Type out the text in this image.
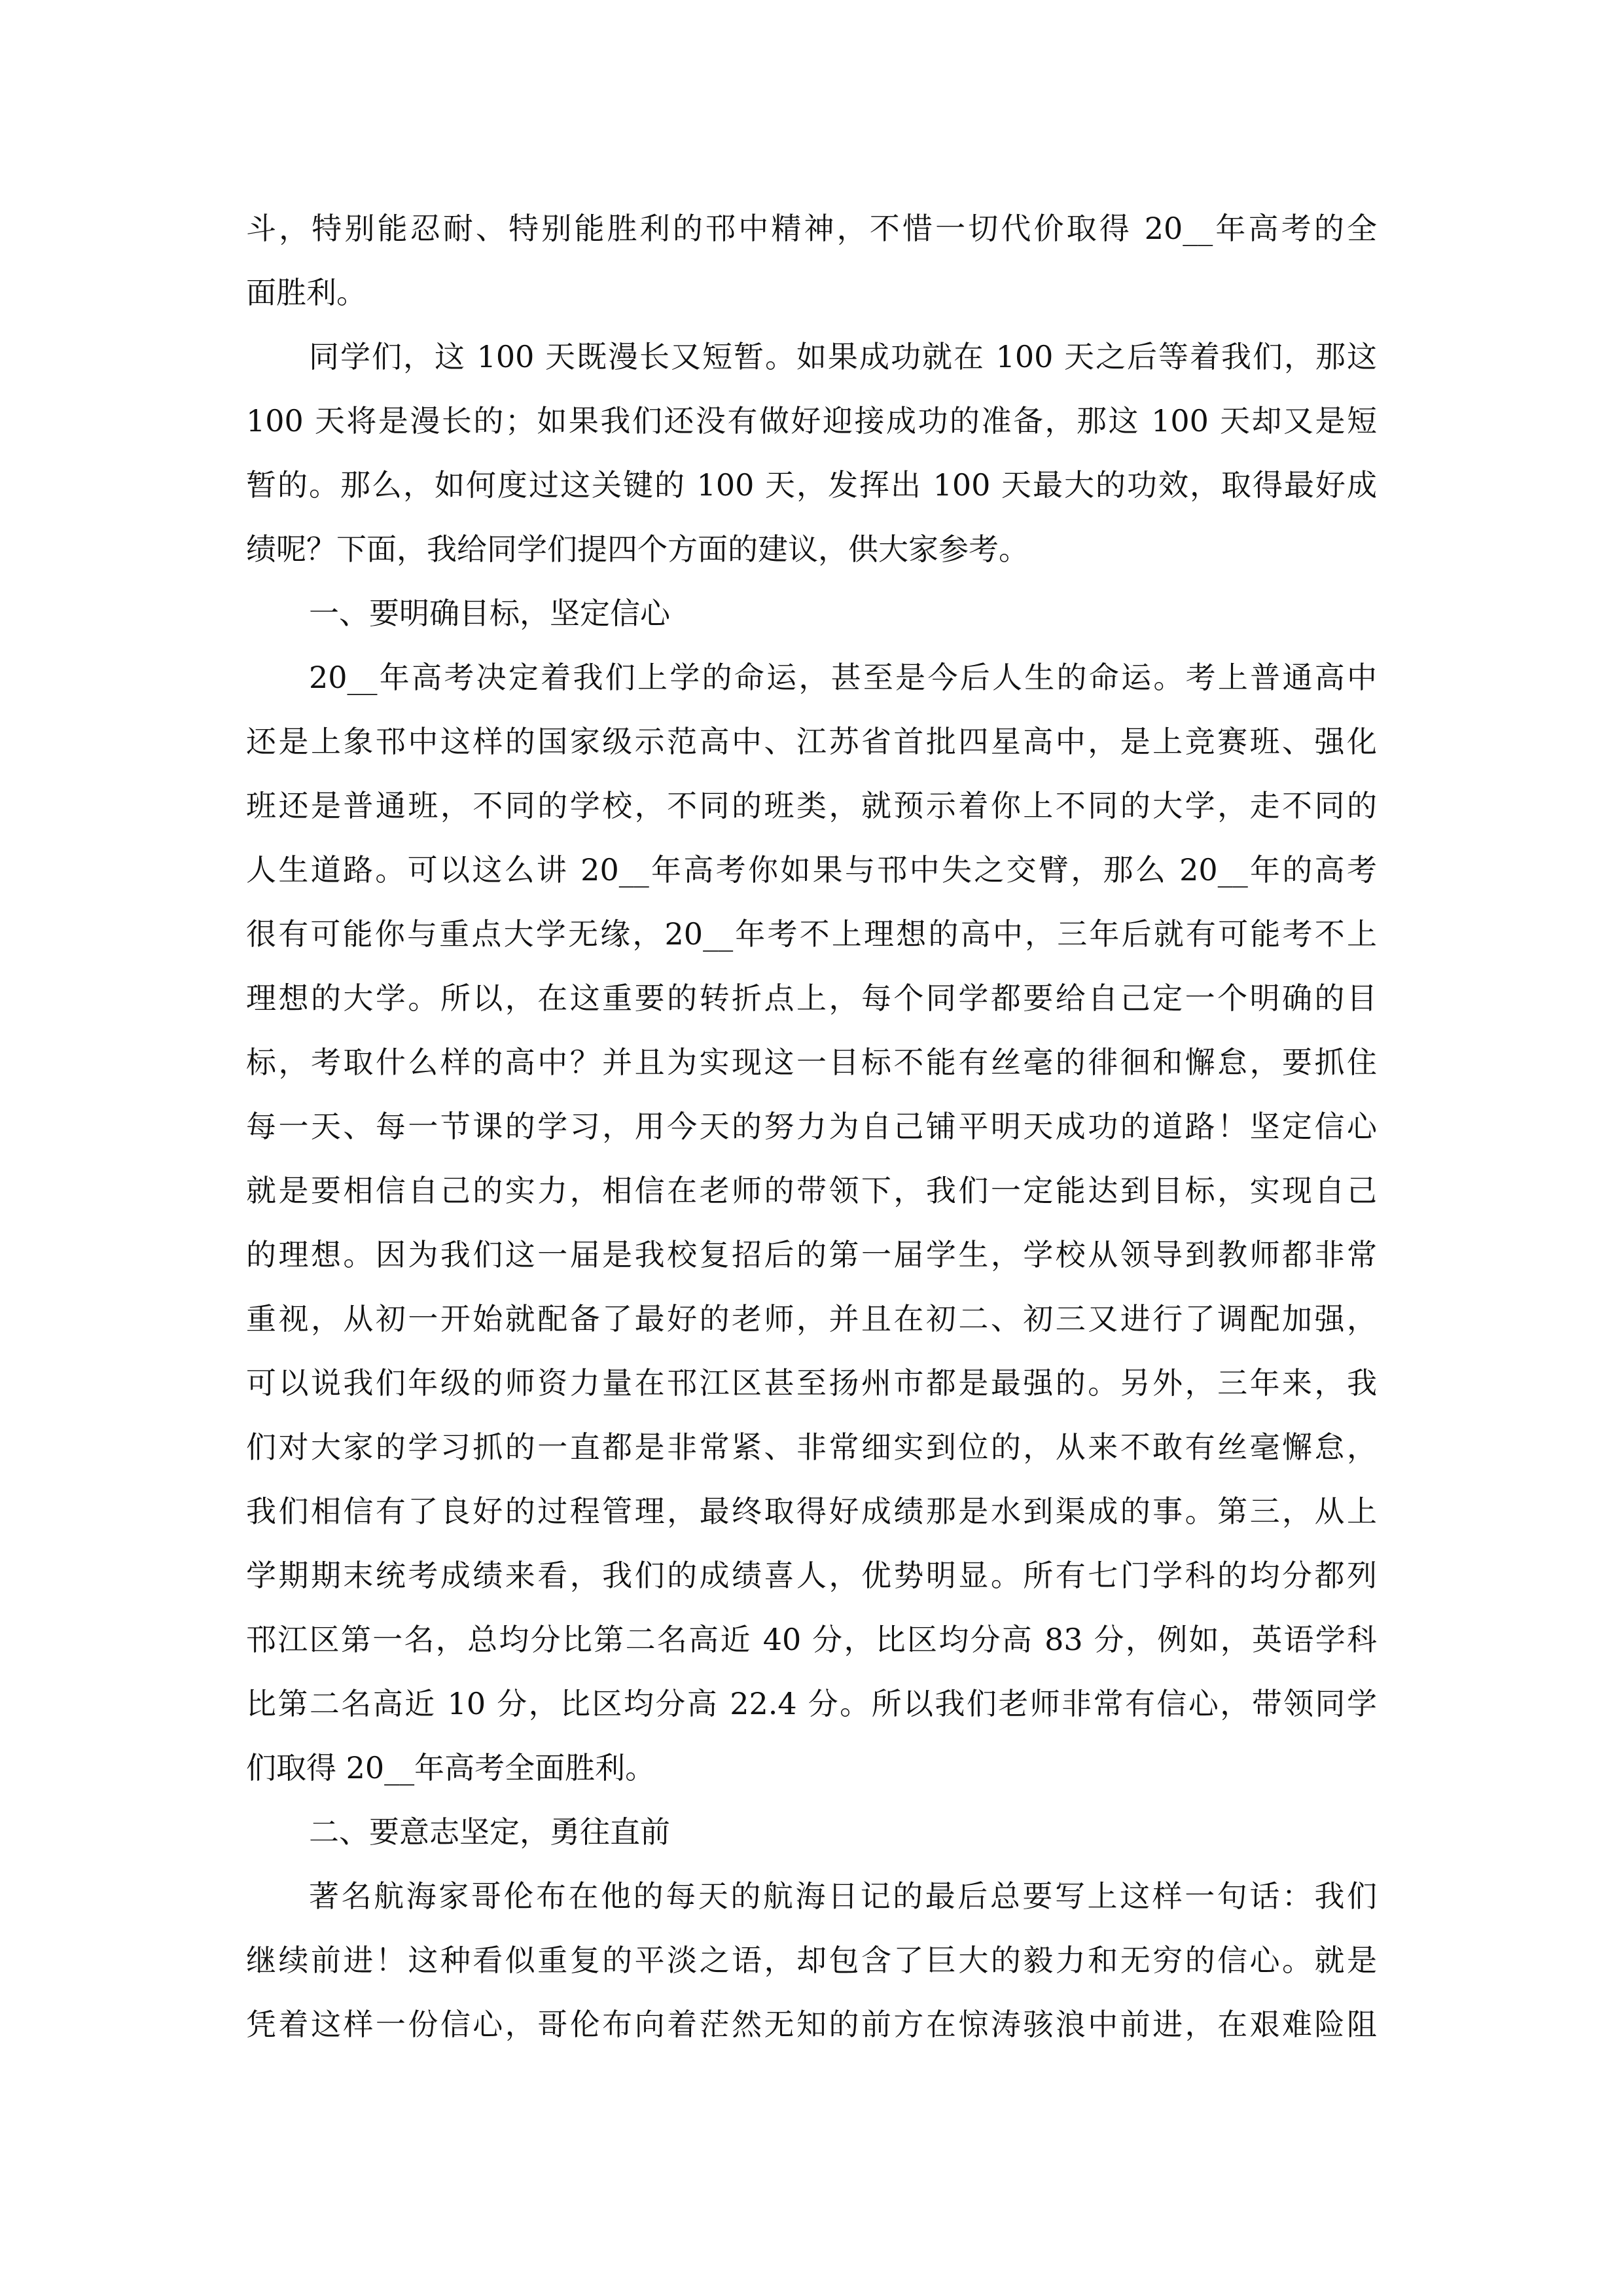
斗，特别能忍耐、特别能胜利的邗中精神，不惜一切代价取得 20__年高考的全
面胜利。
同学们，这 100 天既漫长又短暂。如果成功就在 100 天之后等着我们，那这
100 天将是漫长的；如果我们还没有做好迎接成功的准备，那这 100 天却又是短
暂的。那么，如何度过这关键的 100 天，发挥出 100 天最大的功效，取得最好成
绩呢？下面，我给同学们提四个方面的建议，供大家参考。
一、要明确目标，坚定信心
20__年高考决定着我们上学的命运，甚至是今后人生的命运。考上普通高中
还是上象邗中这样的国家级示范高中、江苏省首批四星高中，是上竞赛班、强化
班还是普通班，不同的学校，不同的班类，就预示着你上不同的大学，走不同的
人生道路。可以这么讲 20__年高考你如果与邗中失之交臂，那么 20__年的高考
很有可能你与重点大学无缘，20__年考不上理想的高中，三年后就有可能考不上
理想的大学。所以，在这重要的转折点上，每个同学都要给自己定一个明确的目
标，考取什么样的高中？并且为实现这一目标不能有丝毫的徘徊和懈怠，要抓住
每一天、每一节课的学习，用今天的努力为自己铺平明天成功的道路！坚定信心
就是要相信自己的实力，相信在老师的带领下，我们一定能达到目标，实现自己
的理想。因为我们这一届是我校复招后的第一届学生，学校从领导到教师都非常
重视，从初一开始就配备了最好的老师，并且在初二、初三又进行了调配加强，
可以说我们年级的师资力量在邗江区甚至扬州市都是最强的。另外，三年来，我
们对大家的学习抓的一直都是非常紧、非常细实到位的，从来不敢有丝毫懈怠，
我们相信有了良好的过程管理，最终取得好成绩那是水到渠成的事。第三，从上
学期期末统考成绩来看，我们的成绩喜人，优势明显。所有七门学科的均分都列
邗江区第一名，总均分比第二名高近 40 分，比区均分高 83 分，例如，英语学科
比第二名高近 10 分，比区均分高 22.4 分。所以我们老师非常有信心，带领同学
们取得 20__年高考全面胜利。
二、要意志坚定，勇往直前
著名航海家哥伦布在他的每天的航海日记的最后总要写上这样一句话：我们
继续前进！这种看似重复的平淡之语，却包含了巨大的毅力和无穷的信心。就是
凭着这样一份信心，哥伦布向着茫然无知的前方在惊涛骇浪中前进，在艰难险阻
